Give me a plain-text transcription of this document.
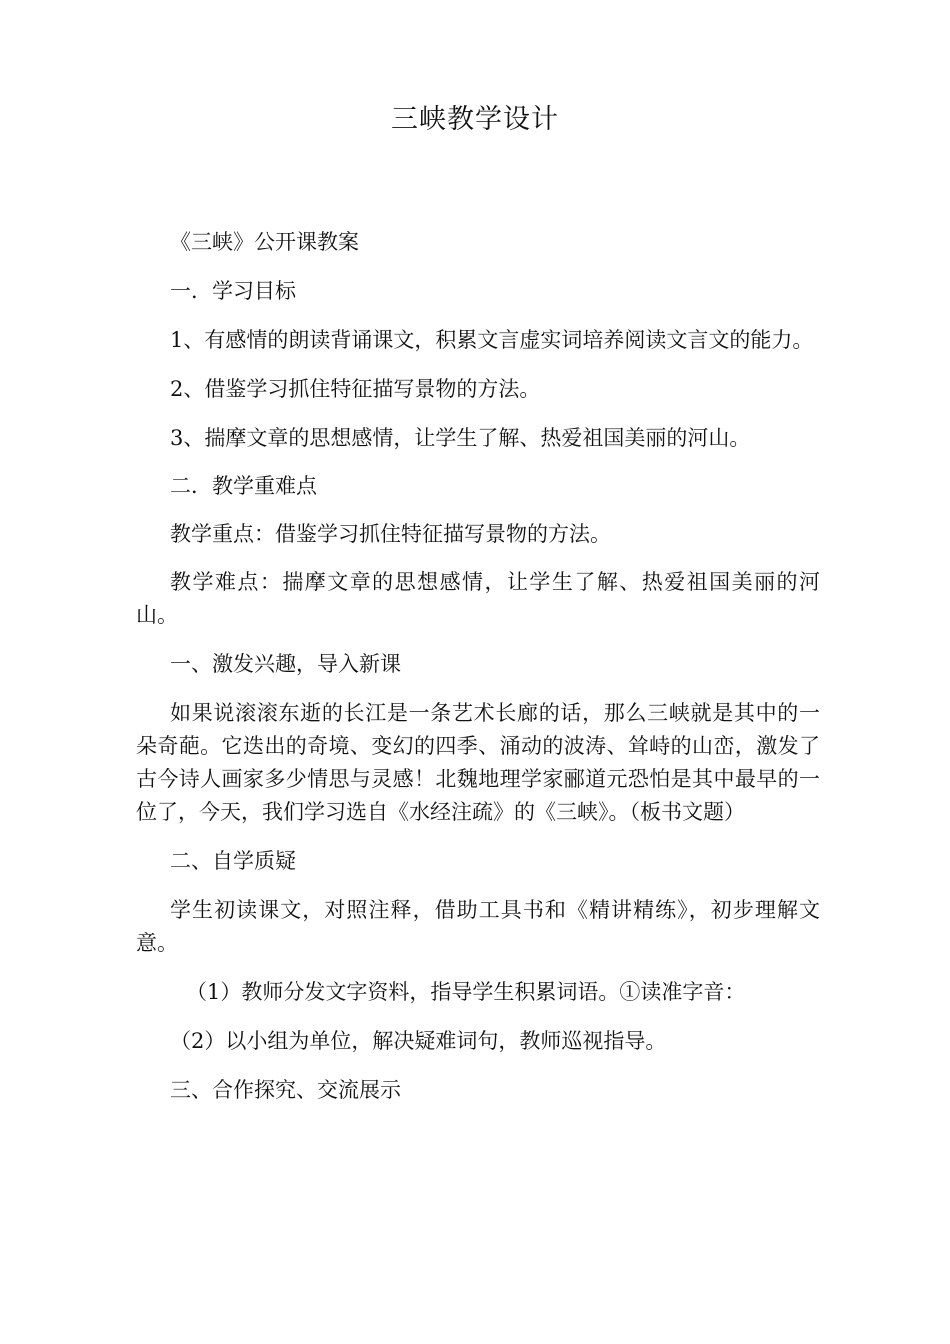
三峡教学设计

《三峡》公开课教案

一．学习目标

1、有感情的朗读背诵课文，积累文言虚实词培养阅读文言文的能力。

2、借鉴学习抓住特征描写景物的方法。

3、揣摩文章的思想感情，让学生了解、热爱祖国美丽的河山。

二．教学重难点

教学重点：借鉴学习抓住特征描写景物的方法。

教学难点：揣摩文章的思想感情，让学生了解、热爱祖国美丽的河山。

一、激发兴趣，导入新课

如果说滚滚东逝的长江是一条艺术长廊的话，那么三峡就是其中的一朵奇葩。它迭出的奇境、变幻的四季、涌动的波涛、耸峙的山峦，激发了古今诗人画家多少情思与灵感！北魏地理学家郦道元恐怕是其中最早的一位了，今天，我们学习选自《水经注疏》的《三峡》。（板书文题）

二、自学质疑

学生初读课文，对照注释，借助工具书和《精讲精练》，初步理解文意。

（1）教师分发文字资料，指导学生积累词语。①读准字音：

（2）以小组为单位，解决疑难词句，教师巡视指导。

三、合作探究、交流展示
